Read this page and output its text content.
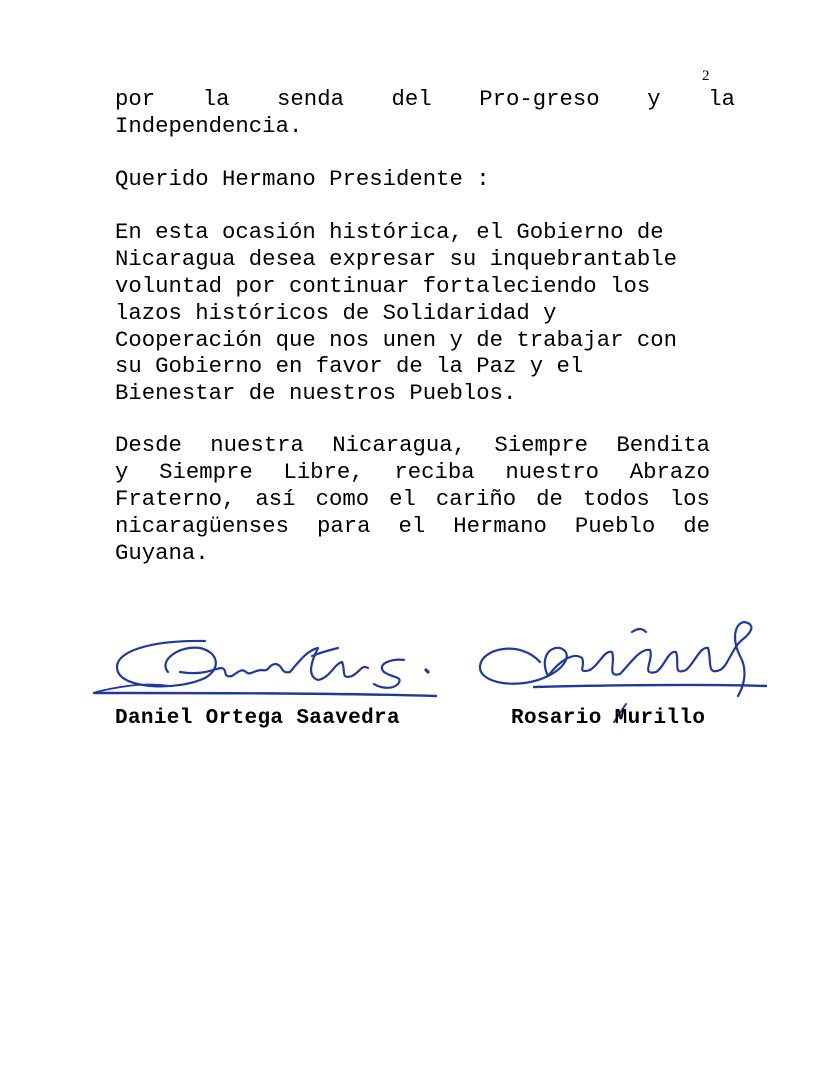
2
por la senda del Pro-greso y la
Independencia.
Querido Hermano Presidente :
En esta ocasión histórica, el Gobierno de
Nicaragua desea expresar su inquebrantable
voluntad por continuar fortaleciendo los
lazos históricos de Solidaridad y
Cooperación que nos unen y de trabajar con
su Gobierno en favor de la Paz y el
Bienestar de nuestros Pueblos.
Desde nuestra Nicaragua, Siempre Bendita
y Siempre Libre, reciba nuestro Abrazo
Fraterno, así como el cariño de todos los
nicaragüenses para el Hermano Pueblo de
Guyana.
Daniel Ortega Saavedra	Rosario Murillo
